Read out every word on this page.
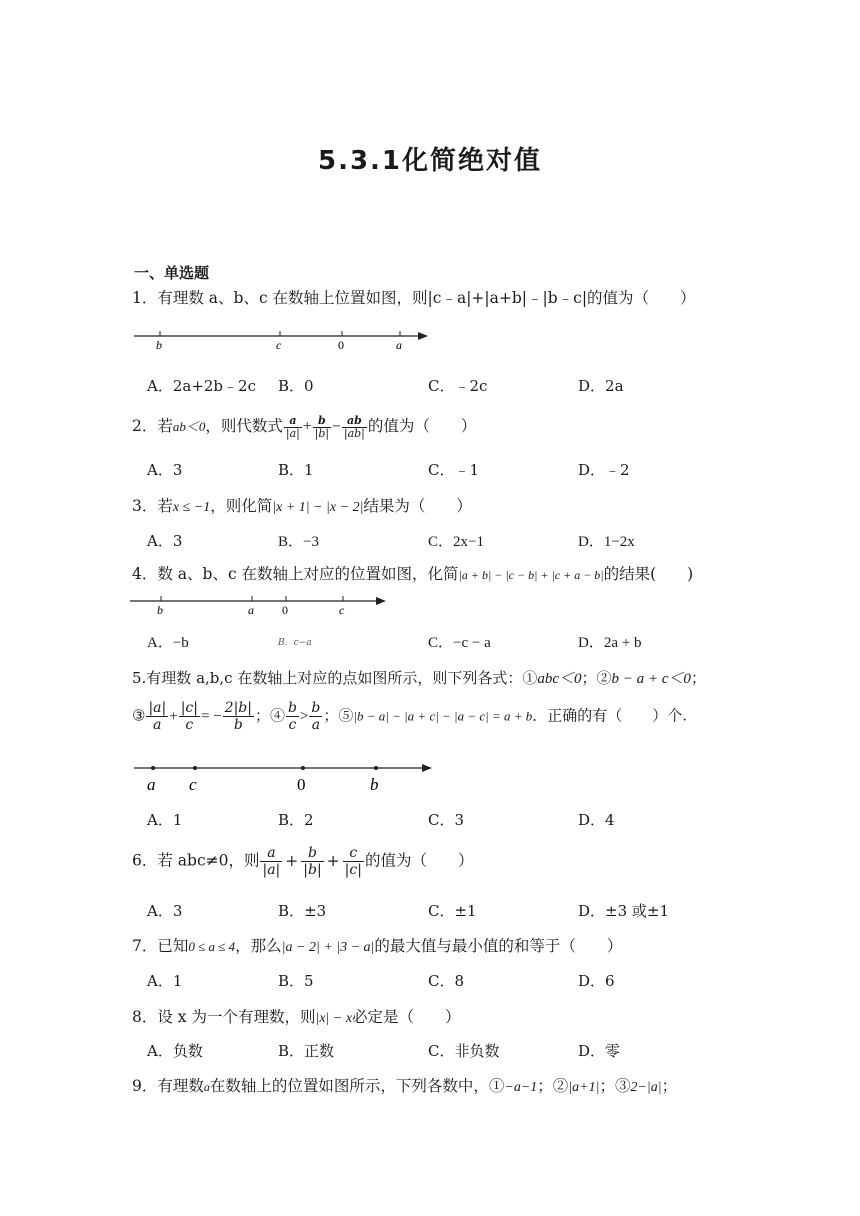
5.3.1化简绝对值
一、单选题
1．有理数 a、b、c 在数轴上位置如图，则|c﹣a|+|a+b|﹣|b﹣c|的值为（　　）
b	c	0	a
A．2a+2b﹣2c B．0	C．﹣2c	D．2a
2．若ab＜0，则代数式 $\frac{a}{|a|} + \frac{b}{|b|} - \frac{ab}{|ab|}$ 的值为（　　）
A．3	B．1	C．﹣1	D．﹣2
3．若x ≤ −1，则化简|x + 1| − |x − 2|结果为（　　）
A．3	B．−3	C．2x−1	D．1−2x
4．数 a、b、c 在数轴上对应的位置如图，化简|a + b| − |c − b| + |c + a − b|的结果(　　)
b	a 0	c
A．−b	B．c−a	C．−c − a	D．2a + b
5.有理数 a,b,c 在数轴上对应的点如图所示，则下列各式：①abc＜0；②b − a + c＜0；
③ $\frac{|a|}{a} + \frac{|c|}{c}$ = − $\frac{2|b|}{b}$ ；④ $\frac{b}{c} > \frac{b}{a}$ ；⑤|b − a| − |a + c| − |a − c| = a + b．正确的有（　　）个.
a c	0	b
A．1	B．2	C．3	D．4
6．若 abc≠0，则 $\frac{a}{|a|} + \frac{b}{|b|} + \frac{c}{|c|}$ 的值为（　　）
A．3	B．±3	C．±1	D．±3 或±1
7．已知0 ≤ a ≤ 4，那么|a − 2| + |3 − a|的最大值与最小值的和等于（　　）
A．1	B．5	C．8	D．6
8．设 x 为一个有理数，则|x| − x必定是（　　）
A．负数	B．正数	C．非负数	D．零
9．有理数a在数轴上的位置如图所示，下列各数中，①−a−1；②|a+1|；③2−|a|；
